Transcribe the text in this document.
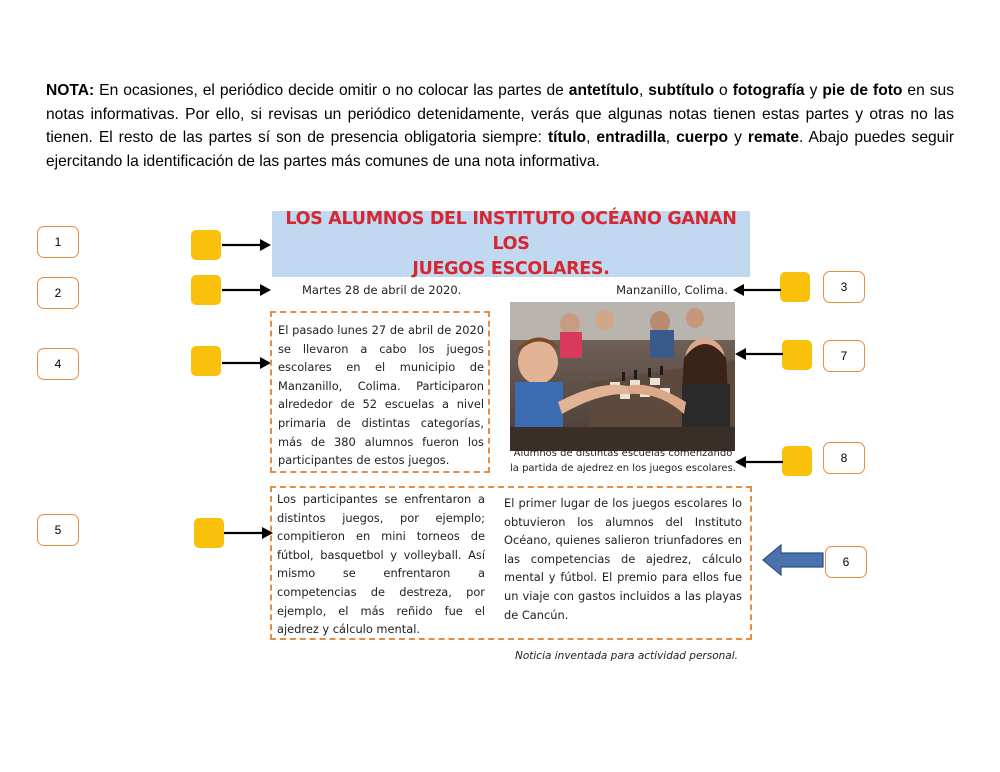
NOTA: En ocasiones, el periódico decide omitir o no colocar las partes de antetítulo, subtítulo o fotografía y pie de foto en sus notas informativas. Por ello, si revisas un periódico detenidamente, verás que algunas notas tienen estas partes y otras no las tienen. El resto de las partes sí son de presencia obligatoria siempre: título, entradilla, cuerpo y remate. Abajo puedes seguir ejercitando la identificación de las partes más comunes de una nota informativa.
1
2
4
5
3
7
8
6
LOS ALUMNOS DEL INSTITUTO OCÉANO GANAN LOS
JUEGOS ESCOLARES.
Martes 28 de abril de 2020.	Manzanillo, Colima.
El pasado lunes 27 de abril de 2020 se llevaron a cabo los juegos escolares en el municipio de Manzanillo, Colima. Participaron alrededor de 52 escuelas a nivel primaria de distintas categorías, más de 380 alumnos fueron los participantes de estos juegos.	Alumnos de distintas escuelas comenzando la partida de ajedrez en los juegos escolares.
Los participantes se enfrentaron a distintos juegos, por ejemplo; compitieron en mini torneos de fútbol, basquetbol y volleyball. Así mismo se enfrentaron a competencias de destreza, por ejemplo, el más reñido fue el ajedrez y cálculo mental.
El primer lugar de los juegos escolares lo obtuvieron los alumnos del Instituto Océano, quienes salieron triunfadores en las competencias de ajedrez, cálculo mental y fútbol. El premio para ellos fue un viaje con gastos incluidos a las playas de Cancún.
Noticia inventada para actividad personal.
